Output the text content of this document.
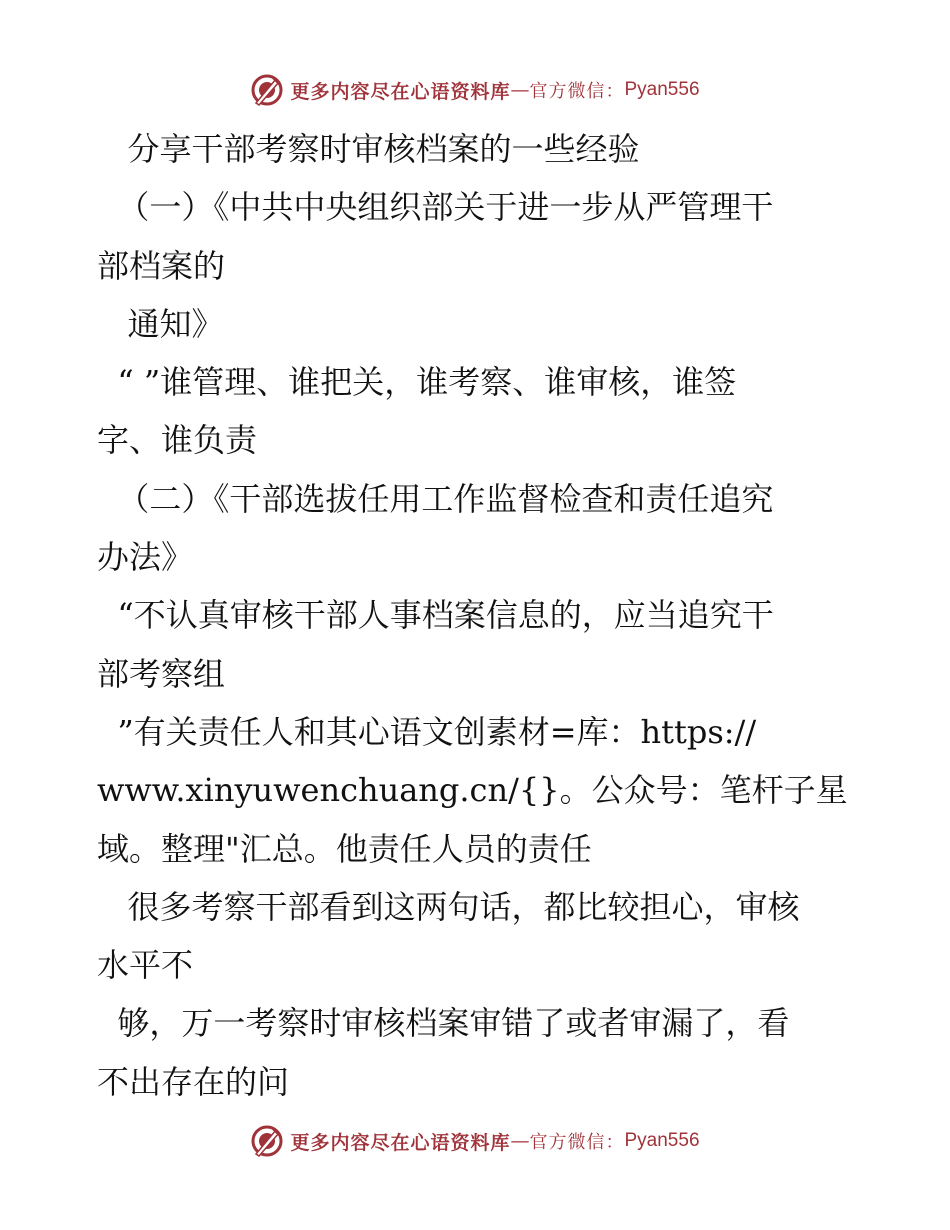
更多内容尽在心语资料库 — 官方微信： Pyan556
分享干部考察时审核档案的一些经验
（一）《中共中央组织部关于进一步从严管理干
部档案的
通知》
“ ”谁管理、谁把关，谁考察、谁审核，谁签
字、谁负责
（二）《干部选拔任用工作监督检查和责任追究
办法》
“不认真审核干部人事档案信息的，应当追究干
部考察组
”有关责任人和其心语文创素材=库：https://
www.xinyuwenchuang.cn/{}。公众号：笔杆子星
域。整理"汇总。他责任人员的责任
很多考察干部看到这两句话，都比较担心，审核
水平不
够，万一考察时审核档案审错了或者审漏了，看
不出存在的问
更多内容尽在心语资料库 — 官方微信： Pyan556
